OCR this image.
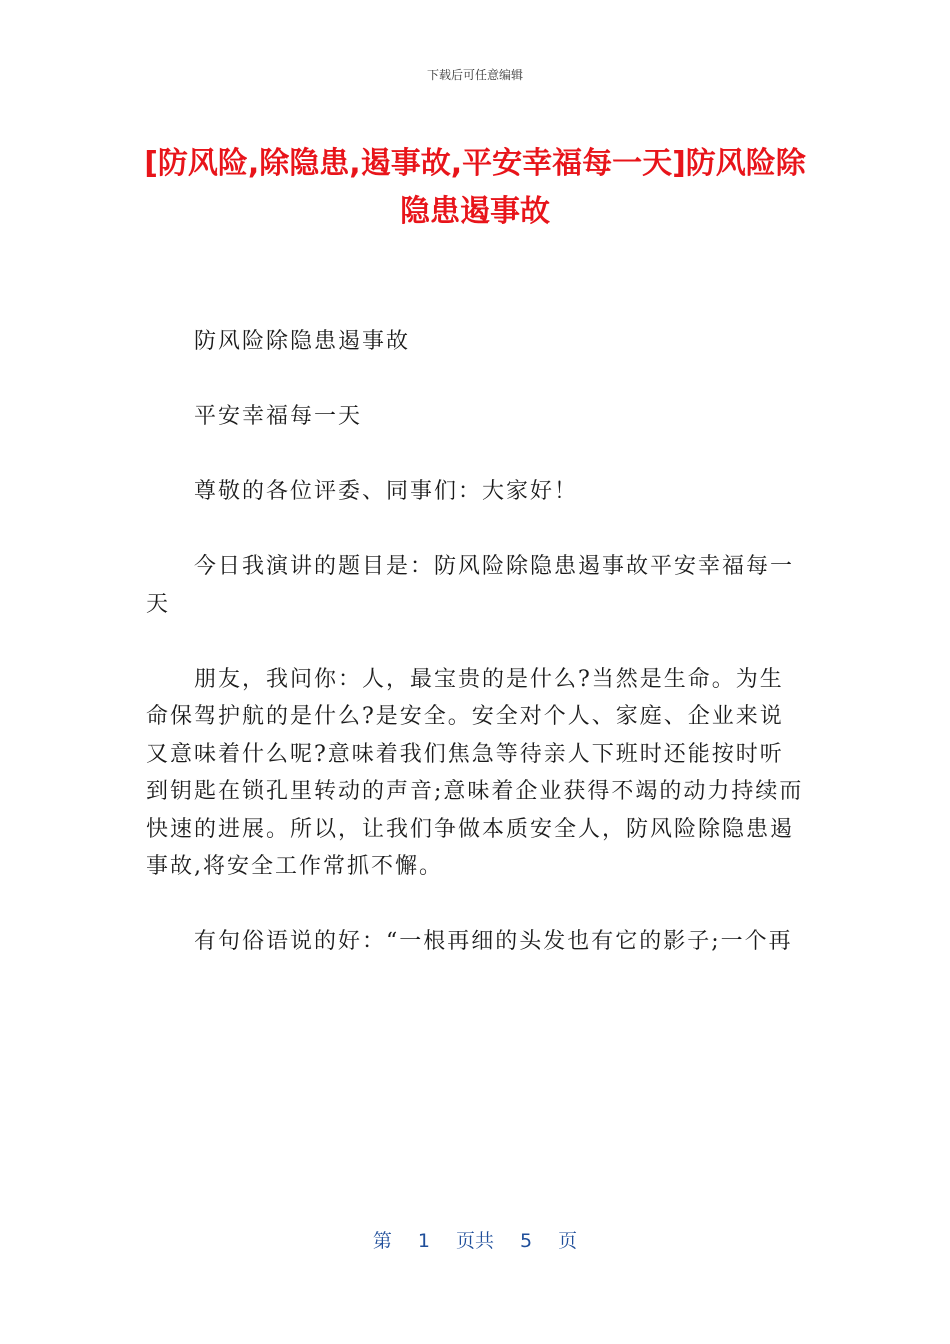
下载后可任意编辑
[防风险,除隐患,遏事故,平安幸福每一天]防风险除隐患遏事故

防风险除隐患遏事故

平安幸福每一天

尊敬的各位评委、同事们：大家好！

今日我演讲的题目是：防风险除隐患遏事故平安幸福每一天

朋友，我问你：人，最宝贵的是什么?当然是生命。为生命保驾护航的是什么?是安全。安全对个人、家庭、企业来说又意味着什么呢?意味着我们焦急等待亲人下班时还能按时听到钥匙在锁孔里转动的声音;意味着企业获得不竭的动力持续而快速的进展。所以，让我们争做本质安全人，防风险除隐患遏事故,将安全工作常抓不懈。

有句俗语说的好：“一根再细的头发也有它的影子;一个再

第 1 页共 5 页
